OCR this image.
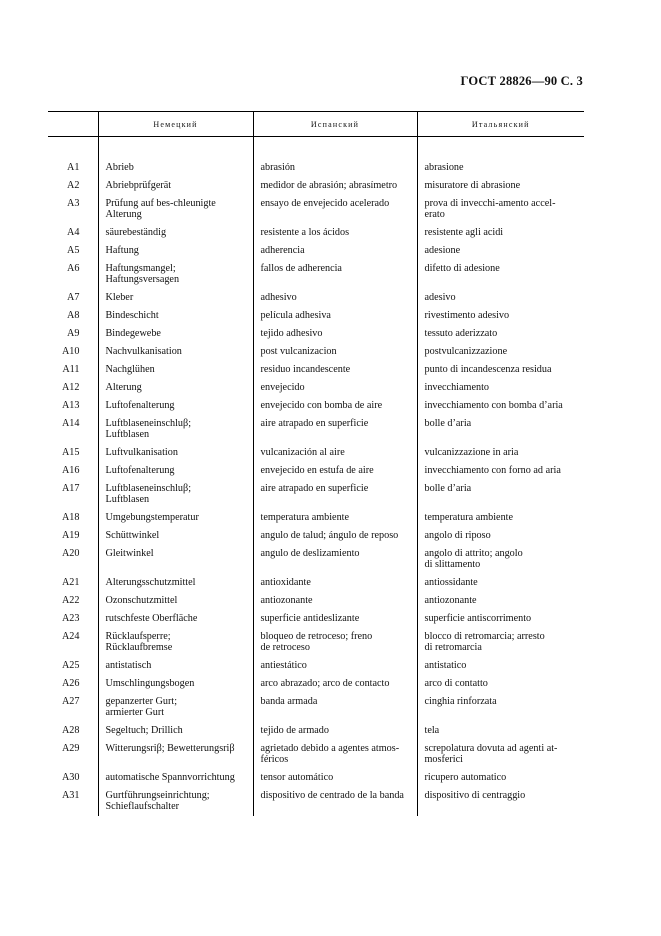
ГОСТ 28826—90 С. 3
	Немецкий	Испанский	Итальянский

A1	Abrieb	abrasión	abrasione
A2	Abriebprüfgerät	medidor de abrasión; abrasímetro	misuratore di abrasione
A3	Prüfung auf bes-chleunigte
Alterung	ensayo de envejecido acelerado	prova di invecchi-amento accel-
erato
A4	säurebeständig	resistente a los ácidos	resistente agli acidi
A5	Haftung	adherencia	adesione
A6	Haftungsmangel;
Haftungsversagen	fallos de adherencia	difetto di adesione
A7	Kleber	adhesivo	adesivo
A8	Bindeschicht	película adhesiva	rivestimento adesivo
A9	Bindegewebe	tejido adhesivo	tessuto aderizzato
A10	Nachvulkanisation	post vulcanizacion	postvulcanizzazione
A11	Nachglühen	residuo incandescente	punto di incandescenza residua
A12	Alterung	envejecido	invecchiamento
A13	Luftofenalterung	envejecido con bomba de aire	invecchiamento con bomba d’aria
A14	Luftblaseneinschluβ;
Luftblasen	aire atrapado en superficie	bolle d’aria
A15	Luftvulkanisation	vulcanización al aire	vulcanizzazione in aria
A16	Luftofenalterung	envejecido en estufa de aire	invecchiamento con forno ad aria
A17	Luftblaseneinschluβ;
Luftblasen	aire atrapado en superficie	bolle d’aria
A18	Umgebungstemperatur	temperatura ambiente	temperatura ambiente
A19	Schüttwinkel	angulo de talud; ángulo de reposo	angolo di riposo
A20	Gleitwinkel	angulo de deslizamiento	angolo di attrito; angolo
di slittamento
A21	Alterungsschutzmittel	antioxidante	antiossidante
A22	Ozonschutzmittel	antiozonante	antiozonante
A23	rutschfeste Oberfläche	superficie antideslizante	superficie antiscorrimento
A24	Rücklaufsperre;
Rücklaufbremse	bloqueo de retroceso; freno
de retroceso	blocco di retromarcia; arresto
di retromarcia
A25	antistatisch	antiestático	antistatico
A26	Umschlingungsbogen	arco abrazado; arco de contacto	arco di contatto
A27	gepanzerter Gurt;
armierter Gurt	banda armada	cinghia rinforzata
A28	Segeltuch; Drillich	tejido de armado	tela
A29	Witterungsriβ; Bewetterungsriβ	agrietado debido a agentes atmos-
féricos	screpolatura dovuta ad agenti at-
mosferici
A30	automatische Spannvorrichtung	tensor automático	ricupero automatico
A31	Gurtführungseinrichtung;
Schieflaufschalter	dispositivo de centrado de la banda	dispositivo di centraggio
